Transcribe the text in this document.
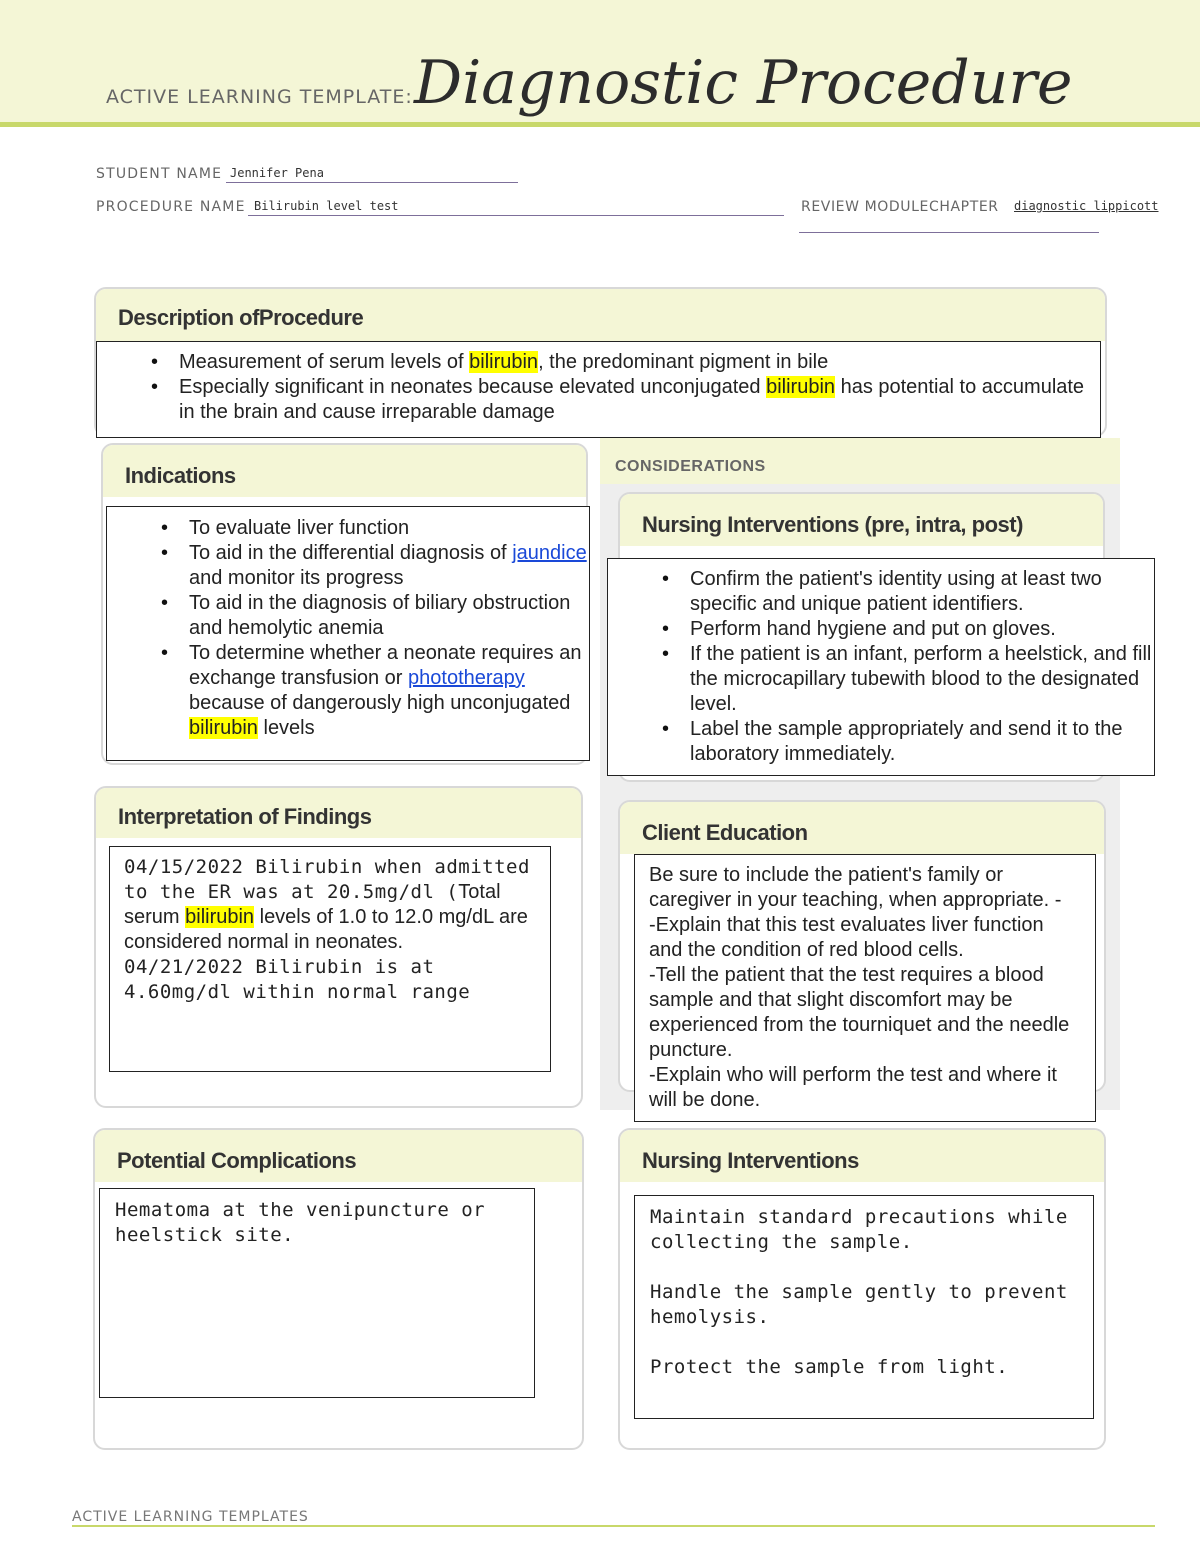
ACTIVE LEARNING TEMPLATE: Diagnostic Procedure
STUDENT NAME Jennifer Pena
PROCEDURE NAME Bilirubin level test	REVIEW MODULECHAPTER diagnostic lippicott
Description ofProcedure
• Measurement of serum levels of bilirubin, the predominant pigment in bile
• Especially significant in neonates because elevated unconjugated bilirubin has potential to accumulate in the brain and cause irreparable damage
CONSIDERATIONS
Indications
• To evaluate liver function
• To aid in the differential diagnosis of jaundice and monitor its progress
• To aid in the diagnosis of biliary obstruction and hemolytic anemia
• To determine whether a neonate requires an exchange transfusion or phototherapy because of dangerously high unconjugated bilirubin levels
Nursing Interventions (pre, intra, post)
• Confirm the patient's identity using at least two specific and unique patient identifiers.
• Perform hand hygiene and put on gloves.
• If the patient is an infant, perform a heelstick, and fill the microcapillary tubewith blood to the designated level.
• Label the sample appropriately and send it to the laboratory immediately.
Interpretation of Findings
04/15/2022 Bilirubin when admitted to the ER was at 20.5mg/dl (Total serum bilirubin levels of 1.0 to 12.0 mg/dL are considered normal in neonates.
04/21/2022 Bilirubin is at 4.60mg/dl within normal range
Client Education
Be sure to include the patient's family or caregiver in your teaching, when appropriate. -
-Explain that this test evaluates liver function and the condition of red blood cells.
-Tell the patient that the test requires a blood sample and that slight discomfort may be experienced from the tourniquet and the needle puncture.
-Explain who will perform the test and where it will be done.
Potential Complications
Hematoma at the venipuncture or heelstick site.
Nursing Interventions
Maintain standard precautions while collecting the sample.
Handle the sample gently to prevent hemolysis.
Protect the sample from light.
ACTIVE LEARNING TEMPLATES
